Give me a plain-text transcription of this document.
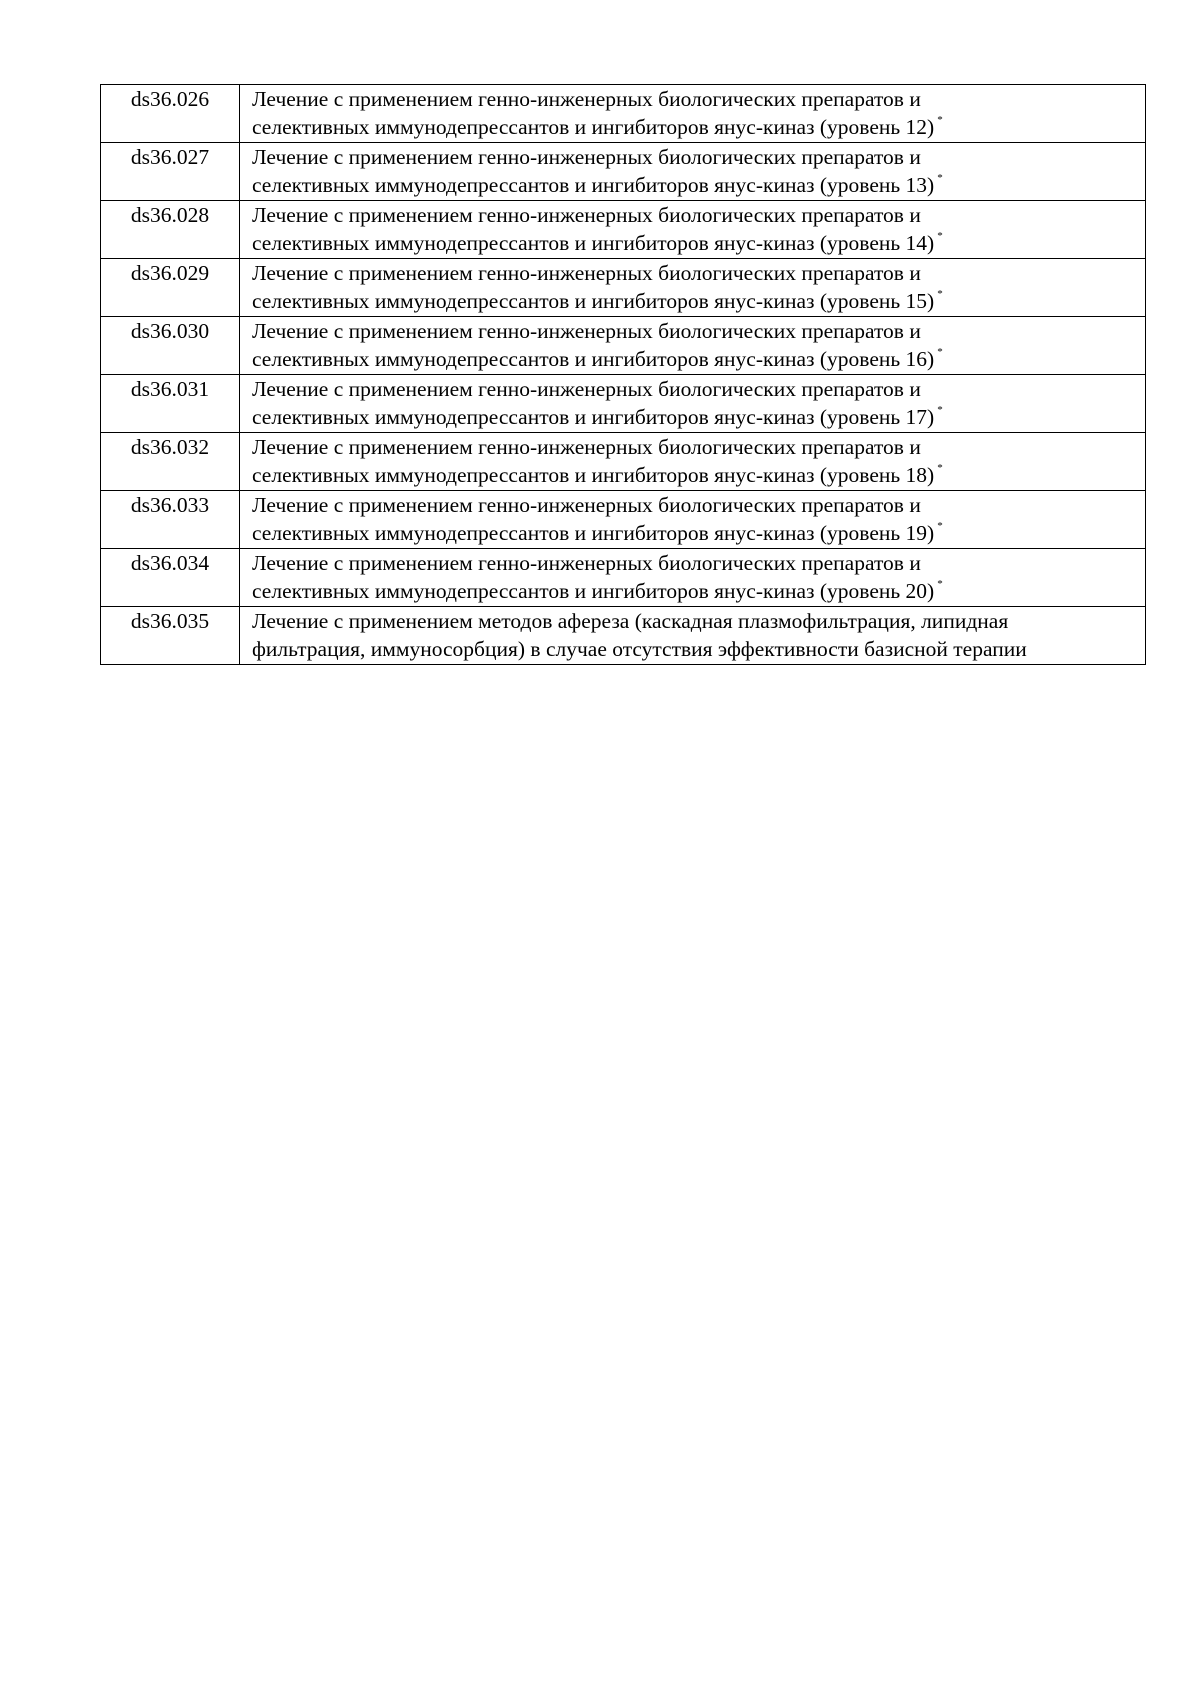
ds36.026	Лечение с применением генно-инженерных биологических препаратов и
селективных иммунодепрессантов и ингибиторов янус-киназ (уровень 12) *

ds36.027	Лечение с применением генно-инженерных биологических препаратов и
селективных иммунодепрессантов и ингибиторов янус-киназ (уровень 13) *

ds36.028	Лечение с применением генно-инженерных биологических препаратов и
селективных иммунодепрессантов и ингибиторов янус-киназ (уровень 14) *

ds36.029	Лечение с применением генно-инженерных биологических препаратов и
селективных иммунодепрессантов и ингибиторов янус-киназ (уровень 15) *

ds36.030	Лечение с применением генно-инженерных биологических препаратов и
селективных иммунодепрессантов и ингибиторов янус-киназ (уровень 16) *

ds36.031	Лечение с применением генно-инженерных биологических препаратов и
селективных иммунодепрессантов и ингибиторов янус-киназ (уровень 17) *

ds36.032	Лечение с применением генно-инженерных биологических препаратов и
селективных иммунодепрессантов и ингибиторов янус-киназ (уровень 18) *

ds36.033	Лечение с применением генно-инженерных биологических препаратов и
селективных иммунодепрессантов и ингибиторов янус-киназ (уровень 19) *

ds36.034	Лечение с применением генно-инженерных биологических препаратов и
селективных иммунодепрессантов и ингибиторов янус-киназ (уровень 20) *

ds36.035	Лечение с применением методов афереза (каскадная плазмофильтрация, липидная
фильтрация, иммуносорбция) в случае отсутствия эффективности базисной терапии
